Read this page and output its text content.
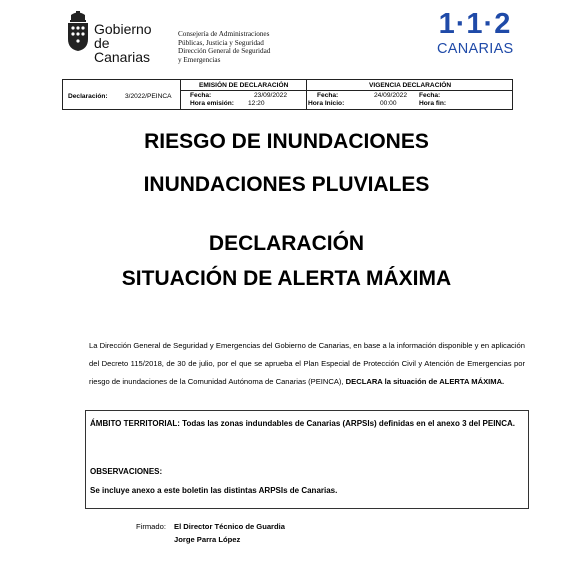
Gobierno
de Canarias
Consejería de Administraciones
Públicas, Justicia y Seguridad
Dirección General de Seguridad
y Emergencias
1·1·2
CANARIAS
Declaración:	3/2022/PEINCA
EMISIÓN DE DECLARACIÓN	VIGENCIA DECLARACIÓN
Fecha:	23/09/2022
Hora emisión: 12:20
Fecha:	24/09/2022
Hora Inicio:	00:00
Fecha:
Hora fin:
RIESGO DE INUNDACIONES
INUNDACIONES PLUVIALES
DECLARACIÓN
SITUACIÓN DE ALERTA MÁXIMA
La Dirección General de Seguridad y Emergencias del Gobierno de Canarias, en base a la información disponible y en aplicación del Decreto 115/2018, de 30 de julio, por el que se aprueba el Plan Especial de Protección Civil y Atención de Emergencias por riesgo de inundaciones de la Comunidad Autónoma de Canarias (PEINCA), DECLARA la situación de ALERTA MÁXIMA.
ÁMBITO TERRITORIAL: Todas las zonas indundables de Canarias (ARPSIs) definidas en el anexo 3 del PEINCA.
OBSERVACIONES:
Se incluye anexo a este boletin las distintas ARPSIs de Canarias.
Firmado: El Director Técnico de Guardia
Jorge Parra López
